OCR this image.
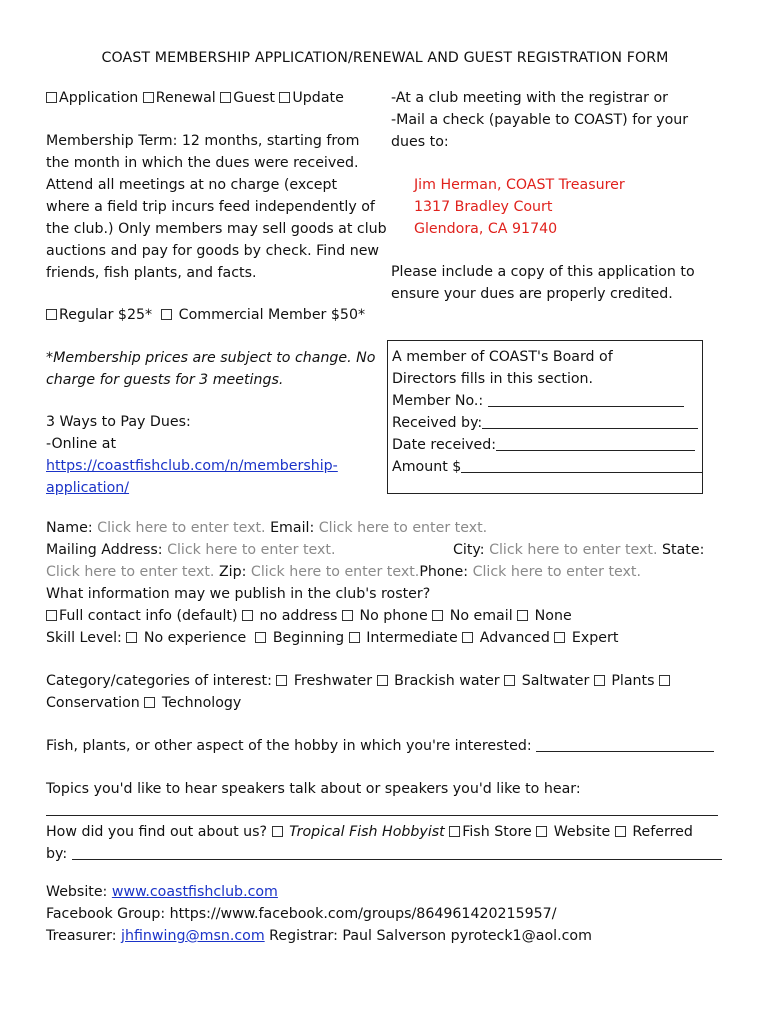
COAST MEMBERSHIP APPLICATION/RENEWAL AND GUEST REGISTRATION FORM
Application Renewal Guest Update
Membership Term: 12 months, starting from
the month in which the dues were received.
Attend all meetings at no charge (except
where a field trip incurs feed independently of
the club.) Only members may sell goods at club
auctions and pay for goods by check. Find new
friends, fish plants, and facts.
Regular $25* Commercial Member $50*
*Membership prices are subject to change. No
charge for guests for 3 meetings.
3 Ways to Pay Dues:
-Online at
https://coastfishclub.com/n/membership-
application/
-At a club meeting with the registrar or
-Mail a check (payable to COAST) for your
dues to:
Jim Herman, COAST Treasurer
1317 Bradley Court
Glendora, CA 91740
Please include a copy of this application to
ensure your dues are properly credited.
A member of COAST's Board of
Directors fills in this section.
Member No.:
Received by:
Date received:
Amount $
Name: Click here to enter text. Email: Click here to enter text.
Mailing Address: Click here to enter text.	City: Click here to enter text. State:
Click here to enter text. Zip: Click here to enter text.Phone: Click here to enter text.
What information may we publish in the club's roster?
Full contact info (default) no address No phone No email None
Skill Level: No experience Beginning Intermediate Advanced Expert
Category/categories of interest: Freshwater Brackish water Saltwater Plants
Conservation Technology
Fish, plants, or other aspect of the hobby in which you're interested:
Topics you'd like to hear speakers talk about or speakers you'd like to hear:
How did you find out about us? Tropical Fish Hobbyist Fish Store Website Referred
by:
Website: www.coastfishclub.com
Facebook Group: https://www.facebook.com/groups/864961420215957/
Treasurer: jhfinwing@msn.com Registrar: Paul Salverson pyroteck1@aol.com
